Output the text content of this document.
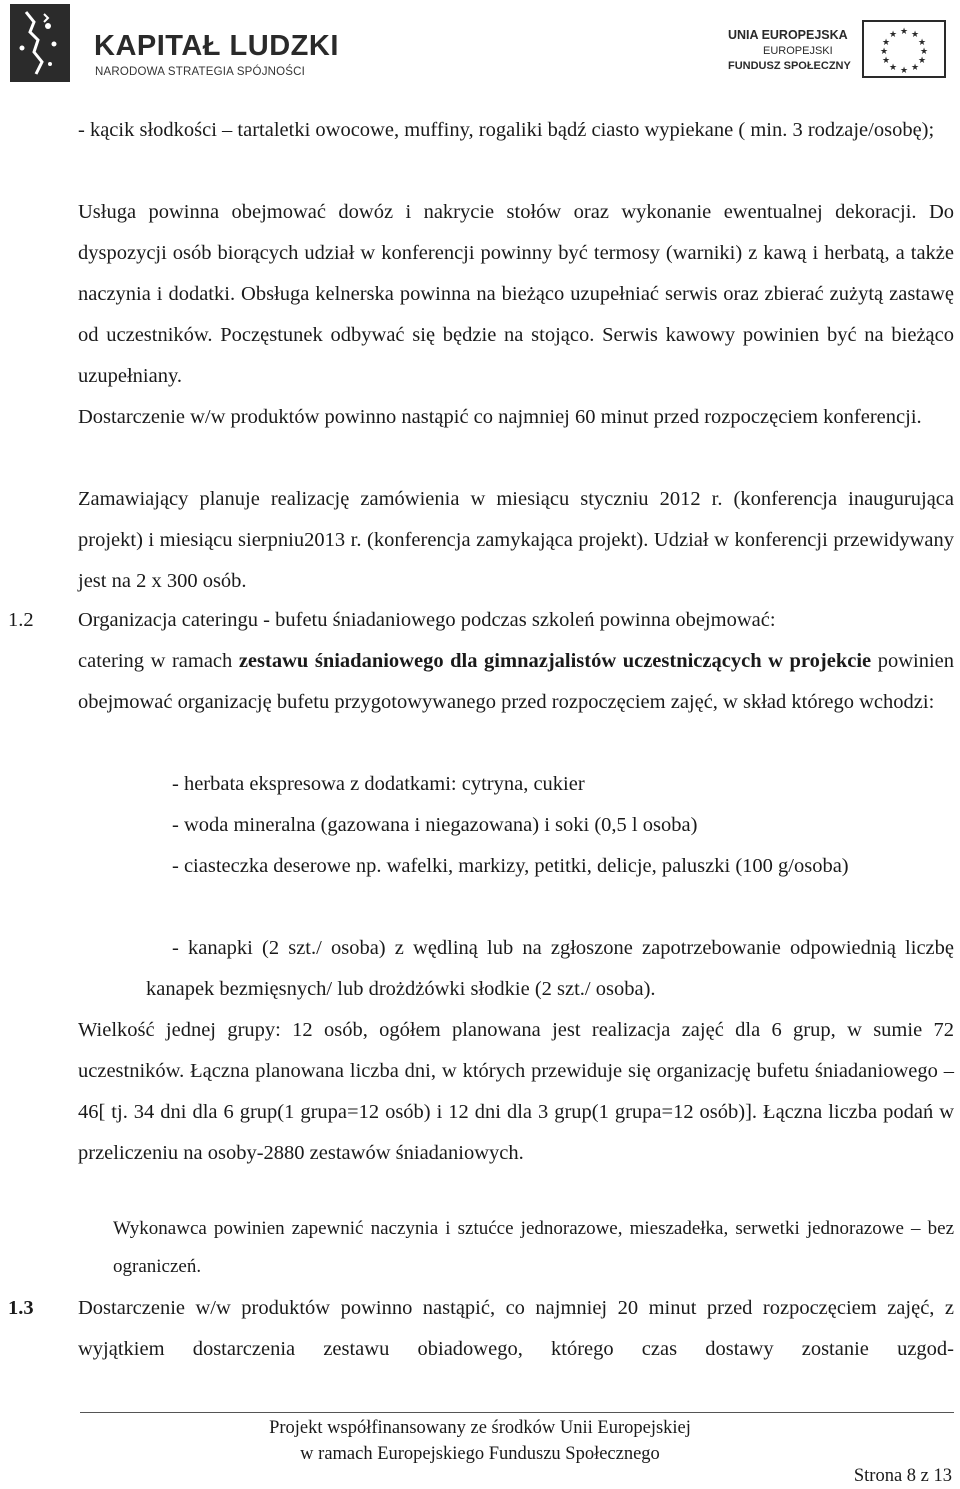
KAPITAŁ LUDZKI
NARODOWA STRATEGIA SPÓJNOŚCI
UNIA EUROPEJSKA
EUROPEJSKI
FUNDUSZ SPOŁECZNY
★ ★
★
★
★
★
★
★
★
★
★
★

- kącik słodkości – tartaletki owocowe, muffiny, rogaliki bądź ciasto wypiekane ( min. 3 rodzaje/osobę);

Usługa powinna obejmować dowóz i nakrycie stołów oraz wykonanie ewentualnej dekoracji. Do dyspozycji osób biorących udział w konferencji powinny być termosy (warniki) z kawą i herbatą, a także naczynia i dodatki. Obsługa kelnerska powinna na bieżąco uzupełniać serwis oraz zbierać zużytą zastawę od uczestników. Poczęstunek odbywać się będzie na stojąco. Serwis kawowy powinien być na bieżąco uzupełniany.

Dostarczenie w/w produktów powinno nastąpić co najmniej 60 minut przed rozpoczęciem konferencji.

Zamawiający planuje realizację zamówienia w miesiącu styczniu 2012 r. (konferencja inaugurująca projekt) i miesiącu sierpniu2013 r. (konferencja zamykająca projekt). Udział w konferencji przewidywany jest na 2 x 300 osób.

1.2 Organizacja cateringu - bufetu śniadaniowego podczas szkoleń powinna obejmować:

catering w ramach zestawu śniadaniowego dla gimnazjalistów uczestniczących w projekcie powinien obejmować organizację bufetu przygotowywanego przed rozpoczęciem zajęć, w skład którego wchodzi:

- herbata ekspresowa z dodatkami: cytryna, cukier
- woda mineralna (gazowana i niegazowana) i soki (0,5 l osoba)

- ciasteczka deserowe np. wafelki, markizy, petitki, delicje, paluszki (100 g/osoba)

- kanapki (2 szt./ osoba) z wędliną lub na zgłoszone zapotrzebowanie odpowiednią liczbę kanapek bezmięsnych/ lub drożdżówki słodkie (2 szt./ osoba).

Wielkość jednej grupy: 12 osób, ogółem planowana jest realizacja zajęć dla 6 grup, w sumie 72 uczestników. Łączna planowana liczba dni, w których przewiduje się organizację bufetu śniadaniowego – 46[ tj. 34 dni dla 6 grup(1 grupa=12 osób) i 12 dni dla 3 grup(1 grupa=12 osób)]. Łączna liczba podań w przeliczeniu na osoby-2880 zestawów śniadaniowych.

Wykonawca powinien zapewnić naczynia i sztućce jednorazowe, mieszadełka, serwetki jednorazowe – bez ograniczeń.

1.3 Dostarczenie w/w produktów powinno nastąpić, co najmniej 20 minut przed rozpoczęciem zajęć, z wyjątkiem dostarczenia zestawu obiadowego, którego czas dostawy zostanie uzgod-

Projekt współfinansowany ze środków Unii Europejskiej
w ramach Europejskiego Funduszu Społecznego
Strona 8 z 13
